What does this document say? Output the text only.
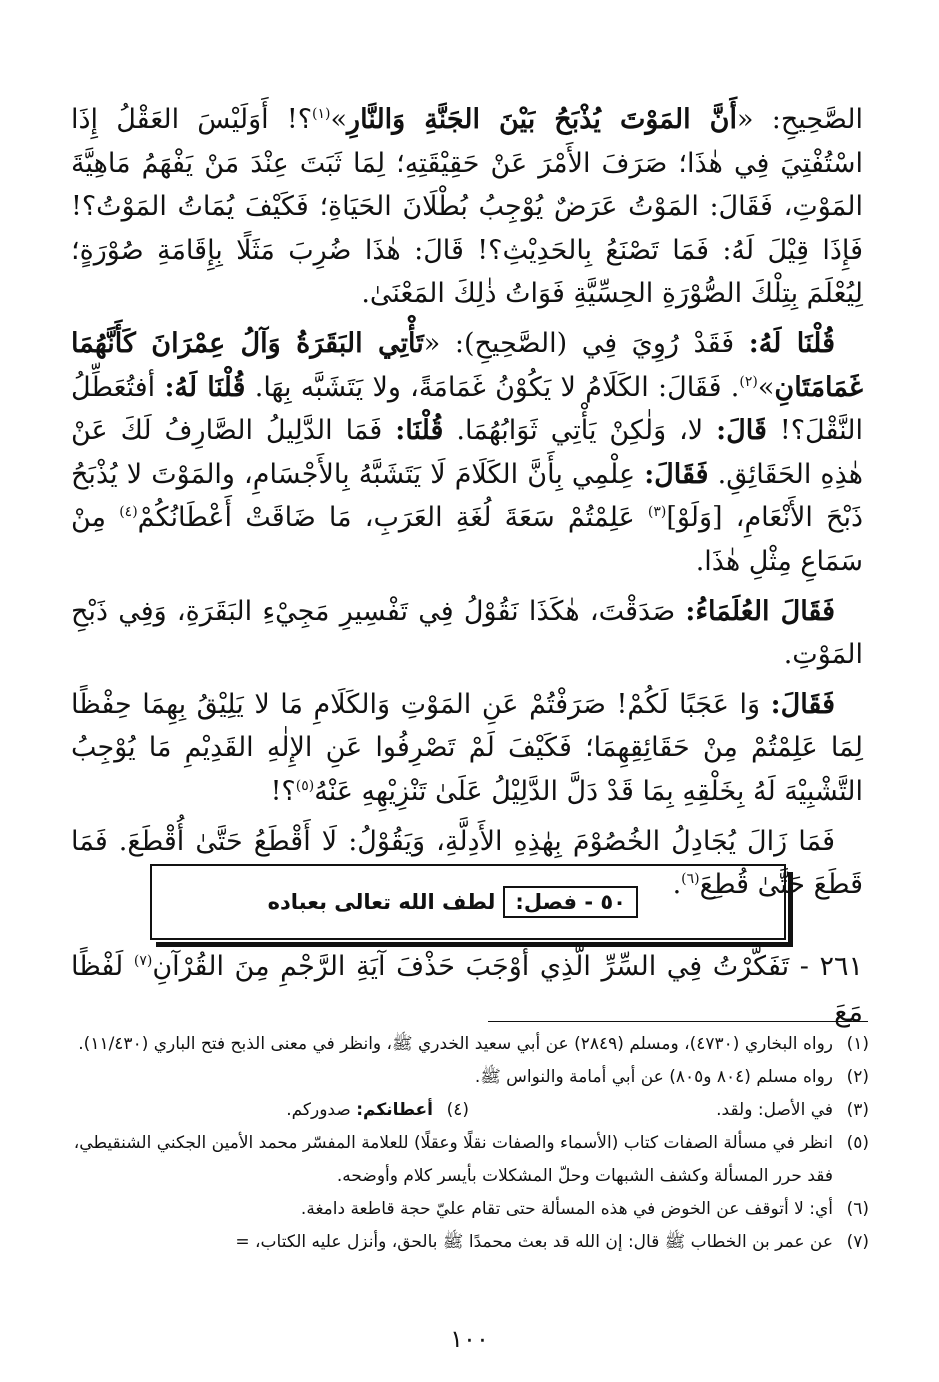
الصَّحِيحِ: «أَنَّ المَوْتَ يُذْبَحُ بَيْنَ الجَنَّةِ وَالنَّارِ»$^{(١)}$؟! أَوَلَيْسَ العَقْلُ إِذَا اسْتُفْتِيَ فِي هٰذَا؛ صَرَفَ الأَمْرَ عَنْ حَقِيْقَتِهِ؛ لِمَا ثَبَتَ عِنْدَ مَنْ يَفْهَمُ مَاهِيَّةَ المَوْتِ، فَقَالَ: المَوْتُ عَرَضٌ يُوْجِبُ بُطْلَانَ الحَيَاةِ؛ فَكَيْفَ يُمَاتُ المَوْتُ؟! فَإِذَا قِيْلَ لَهُ: فَمَا تَصْنَعُ بِالحَدِيْثِ؟! قَالَ: هٰذَا ضُرِبَ مَثَلًا بِإِقَامَةِ صُوْرَةٍ؛ لِيُعْلَمَ بِتِلْكَ الصُّوْرَةِ الحِسِّيَّةِ فَوَاتُ ذٰلِكَ المَعْنَىٰ.

قُلْنَا لَهُ: فَقَدْ رُوِيَ فِي (الصَّحِيحِ): «تَأْتِي البَقَرَةُ وَآلُ عِمْرَانَ كَأَنَّهُمَا غَمَامَتَانِ»$^{(٢)}$. فَقَالَ: الكَلَامُ لا يَكُوْنُ غَمَامَةً، ولا يَتَشَبَّه بِهَا. قُلْنَا لَهُ: أفتُعَطِّلُ النَّقْلَ؟! قَالَ: لا، وَلٰكِنْ يَأْتِي ثَوَابُهُمَا. قُلْنَا: فَمَا الدَّلِيلُ الصَّارِفُ لَكَ عَنْ هٰذِهِ الحَقَائِقِ. فَقَالَ: عِلْمِي بِأَنَّ الكَلَامَ لَا يَتَشَبَّهُ بِالأَجْسَامِ، والمَوْتَ لا يُذْبَحُ ذَبْحَ الأَنْعَامِ، [وَلَوْ]$^{(٣)}$ عَلِمْتُمْ سَعَةَ لُغَةِ العَرَبِ، مَا ضَاقَتْ أَعْطَانُكُمْ$^{(٤)}$ مِنْ سَمَاعِ مِثْلِ هٰذَا.

فَقَالَ العُلَمَاءُ: صَدَقْتَ، هٰكَذَا نَقُوْلُ فِي تَفْسِيرِ مَجِيْءِ البَقَرَةِ، وَفِي ذَبْحِ المَوْتِ.

فَقَالَ: وَا عَجَبًا لَكُمْ! صَرَفْتُمْ عَنِ المَوْتِ وَالكَلَامِ مَا لا يَلِيْقُ بِهِمَا حِفْظًا لِمَا عَلِمْتُمْ مِنْ حَقَائِقِهِمَا؛ فَكَيْفَ لَمْ تَصْرِفُوا عَنِ الإِلٰهِ القَدِيْمِ مَا يُوْجِبُ التَّشْبِيْهَ لَهُ بِخَلْقِهِ بِمَا قَدْ دَلَّ الدَّلِيْلُ عَلَىٰ تَنْزِيْهِهِ عَنْهُ$^{(٥)}$؟!

فَمَا زَالَ يُجَادِلُ الخُصُوْمَ بِهٰذِهِ الأَدِلَّةِ، وَيَقُوْلُ: لَا أَقْطَعُ حَتَّىٰ أُقْطَعَ. فَمَا قَطَعَ حَتَّىٰ قُطِعَ$^{(٦)}$.

٥٠ - فصل:
لطف الله تعالى بعباده
٢٦١ - تَفَكَّرْتُ فِي السِّرِّ الَّذِي أَوْجَبَ حَذْفَ آيَةِ الرَّجْمِ مِنَ القُرْآنِ$^{(٧)}$ لَفْظًا مَعَ
(١)
رواه البخاري (٤٧٣٠)، ومسلم (٢٨٤٩) عن أبي سعيد الخدري ﷺ، وانظر في معنى الذبح فتح الباري (١١/٤٣٠).
(٢)
رواه مسلم (٨٠٤ و٨٠٥) عن أبي أمامة والنواس ﷺ.
(٣)
في الأصل: ولقد.
(٤)
أعطانكم: صدوركم.
(٥)
انظر في مسألة الصفات كتاب (الأسماء والصفات نقلًا وعقلًا) للعلامة المفسّر محمد الأمين الجكني الشنقيطي، فقد حرر المسألة وكشف الشبهات وحلّ المشكلات بأيسر كلام وأوضحه.
(٦)
أي: لا أتوقف عن الخوض في هذه المسألة حتى تقام عليّ حجة قاطعة دامغة.
(٧)
عن عمر بن الخطاب ﷺ قال: إن الله قد بعث محمدًا ﷺ بالحق، وأنزل عليه الكتاب، =
١٠٠
